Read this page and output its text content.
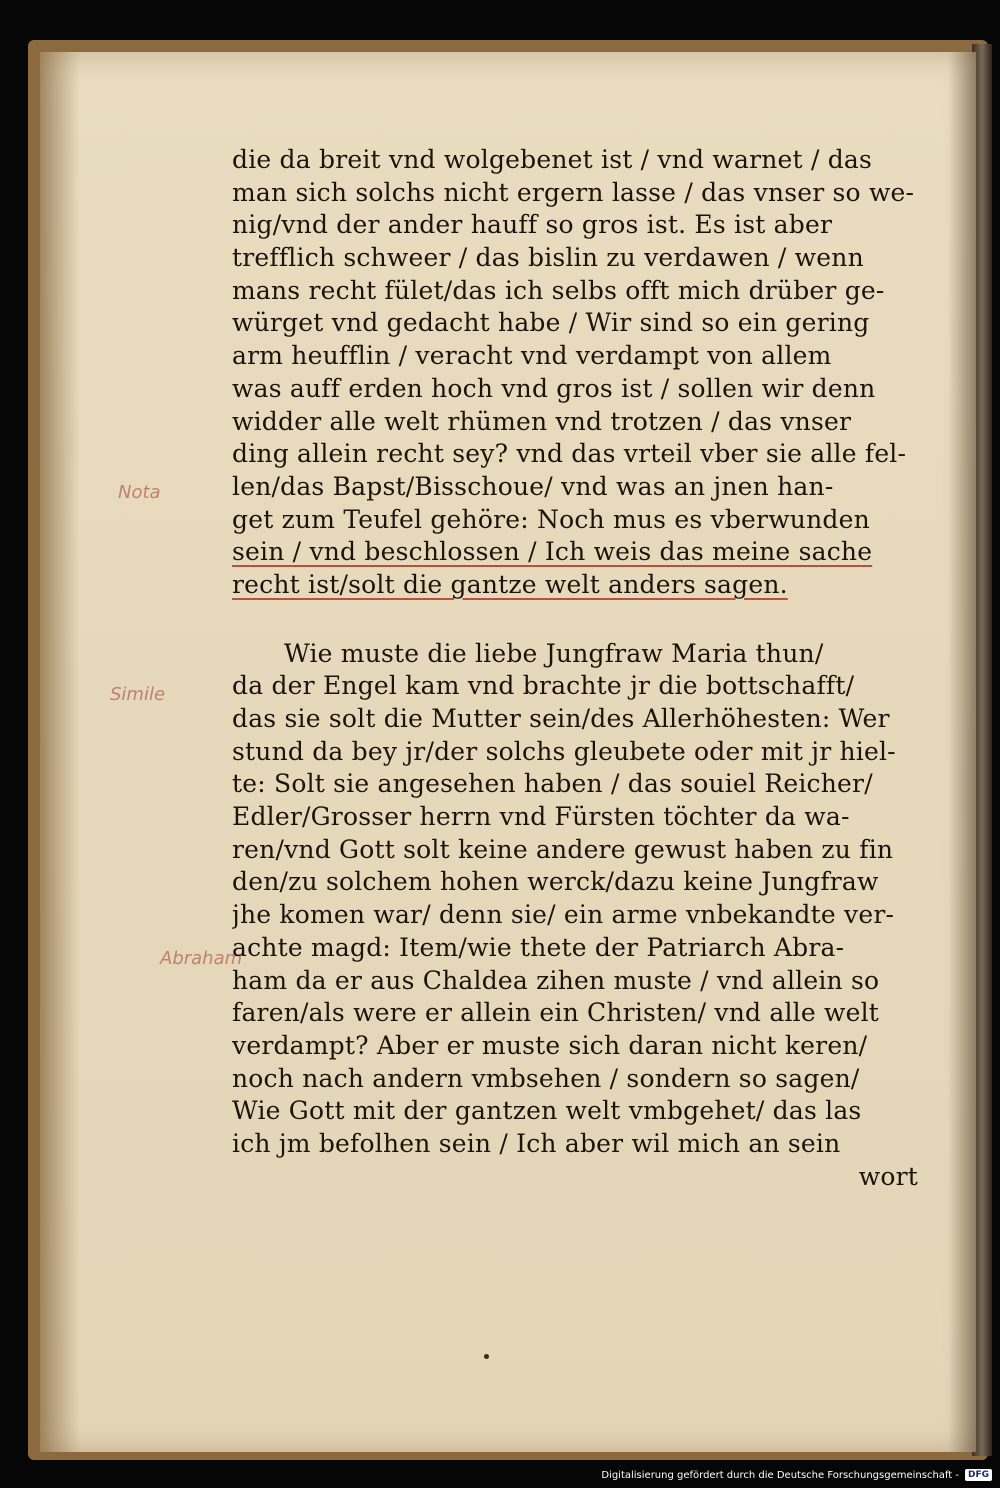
Nota
Simile
Abraham
die da breit vnd wolgebenet ist / vnd warnet / das
man sich solchs nicht ergern lasse / das vnser so we-
nig/vnd der ander hauff so gros ist. Es ist aber
trefflich schweer / das bislin zu verdawen / wenn
mans recht fület/das ich selbs offt mich drüber ge-
würget vnd gedacht habe / Wir sind so ein gering
arm heufflin / veracht vnd verdampt von allem
was auff erden hoch vnd gros ist / sollen wir denn
widder alle welt rhümen vnd trotzen / das vnser
ding allein recht sey? vnd das vrteil vber sie alle fel-
len/das Bapst/Bisschoue/ vnd was an jnen han-
get zum Teufel gehöre: Noch mus es vberwunden
sein / vnd beschlossen / Ich weis das meine sache
recht ist/solt die gantze welt anders sagen.
Wie muste die liebe Jungfraw Maria thun/
da der Engel kam vnd brachte jr die bottschafft/
das sie solt die Mutter sein/des Allerhöhesten: Wer
stund da bey jr/der solchs gleubete oder mit jr hiel-
te: Solt sie angesehen haben / das souiel Reicher/
Edler/Grosser herrn vnd Fürsten töchter da wa-
ren/vnd Gott solt keine andere gewust haben zu fin
den/zu solchem hohen werck/dazu keine Jungfraw
jhe komen war/ denn sie/ ein arme vnbekandte ver-
achte magd: Item/wie thete der Patriarch Abra-
ham da er aus Chaldea zihen muste / vnd allein so
faren/als were er allein ein Christen/ vnd alle welt
verdampt? Aber er muste sich daran nicht keren/
noch nach andern vmbsehen / sondern so sagen/
Wie Gott mit der gantzen welt vmbgehet/ das las
ich jm befolhen sein / Ich aber wil mich an sein
wort
Digitalisierung gefördert durch die Deutsche Forschungsgemeinschaft -	DFG
